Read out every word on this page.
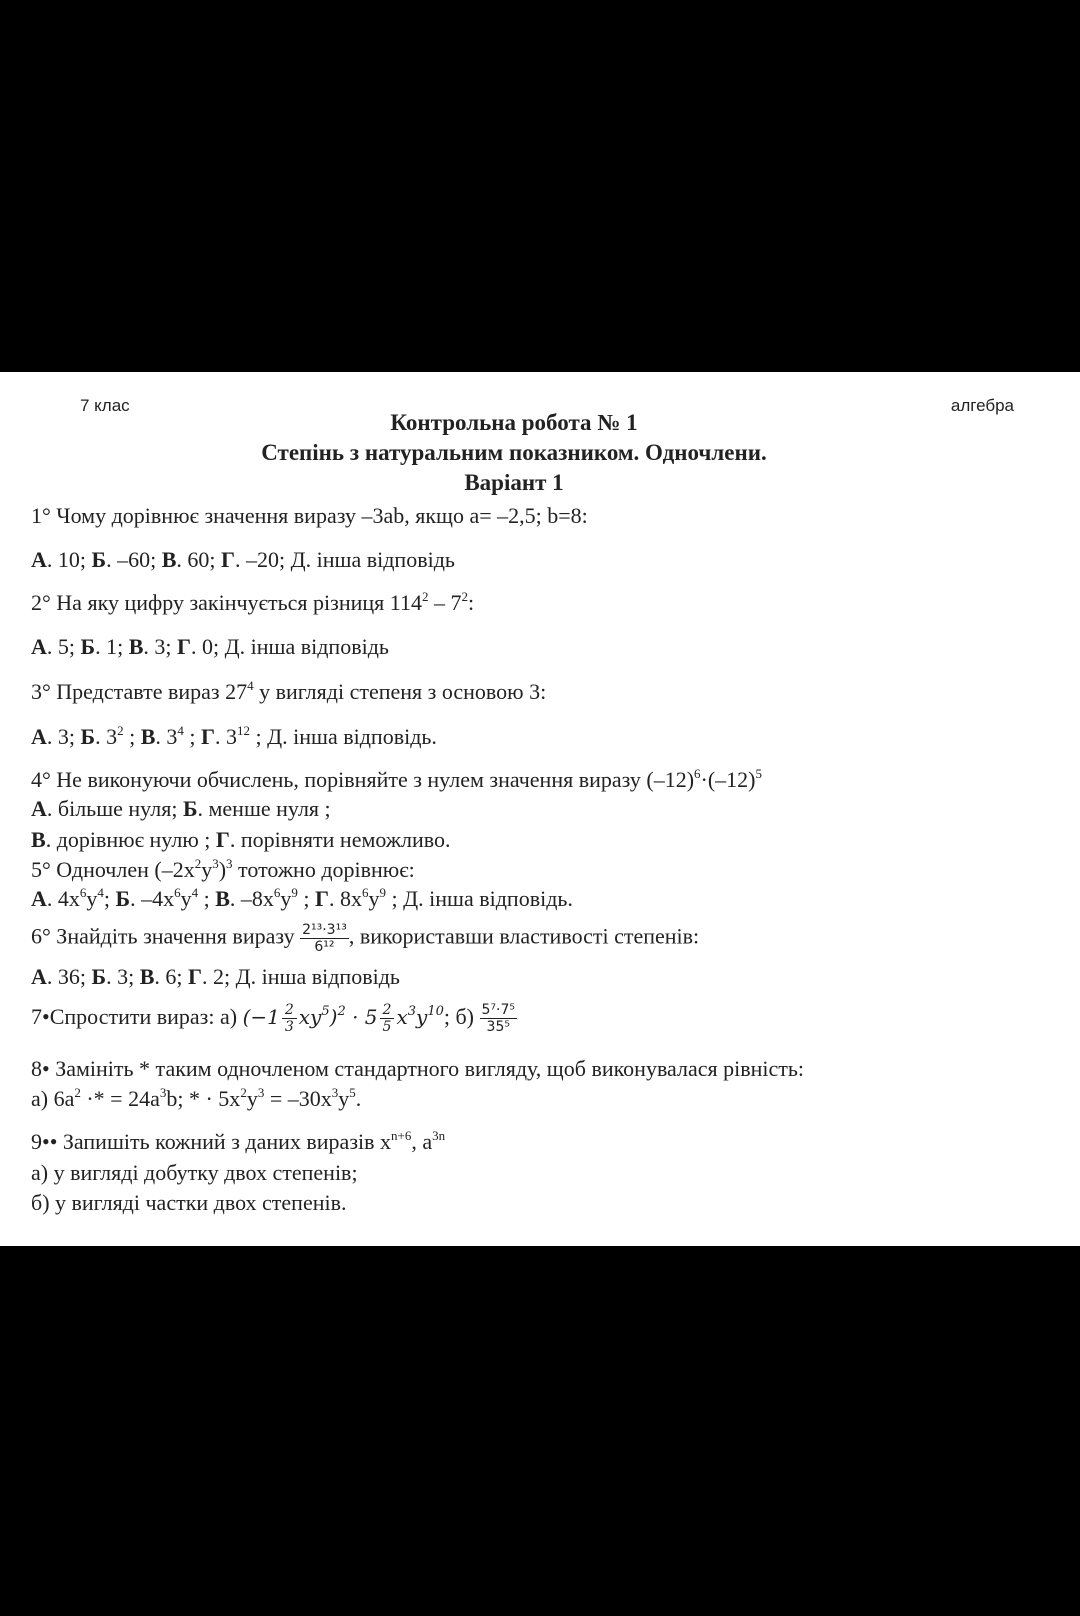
7 клас	алгебра
Контрольна робота № 1
Степінь з натуральним показником. Одночлени.
Варіант 1
1° Чому дорівнює значення виразу –3ab, якщо a= –2,5; b=8:
А. 10; Б. –60; В. 60; Г. –20; Д. інша відповідь
2° На яку цифру закінчується різниця $114^2 - 7^2$:
А. 5; Б. 1; В. 3; Г. 0; Д. інша відповідь
3° Представте вираз $27^4$ у вигляді степеня з основою 3:
А. 3; Б. $3^2$ ; В. $3^4$ ; Г. $3^{12}$ ; Д. інша відповідь.
4° Не виконуючи обчислень, порівняйте з нулем значення виразу $(-12)^6\cdot(-12)^5$
А. більше нуля; Б. менше нуля ;
В. дорівнює нулю ; Г. порівняти неможливо.
5° Одночлен $(-2x^2y^3)^3$ тотожно дорівнює:
А. $4x^6y^4$; Б. $-4x^6y^4$ ; В. $-8x^6y^9$ ; Г. $8x^6y^9$ ; Д. інша відповідь.
6° Знайдіть значення виразу $\frac{\text{2¹³·3¹³}}{\text{6¹²}}$ , використавши властивості степенів:
А. 36; Б. 3; В. 6; Г. 2; Д. інша відповідь
7•Спростити вираз: а) $(-1 \frac{2}{3} xy^5)^2 \cdot 5 \frac{2}{5} x^3y^{10}$; $б) \frac{\text{5⁷·7⁵}}{\text{35⁵}}$
8• Замініть * таким одночленом стандартного вигляду, щоб виконувалася рівність:
а) $6a^2$ ·* = $24a^3b$; * · $5x^2y^3 = -30x^3y^5$.
9•• Запишіть кожний з даних виразів $x^{n+6}$, $a^{3n}$
а) у вигляді добутку двох степенів;
б) у вигляді частки двох степенів.
